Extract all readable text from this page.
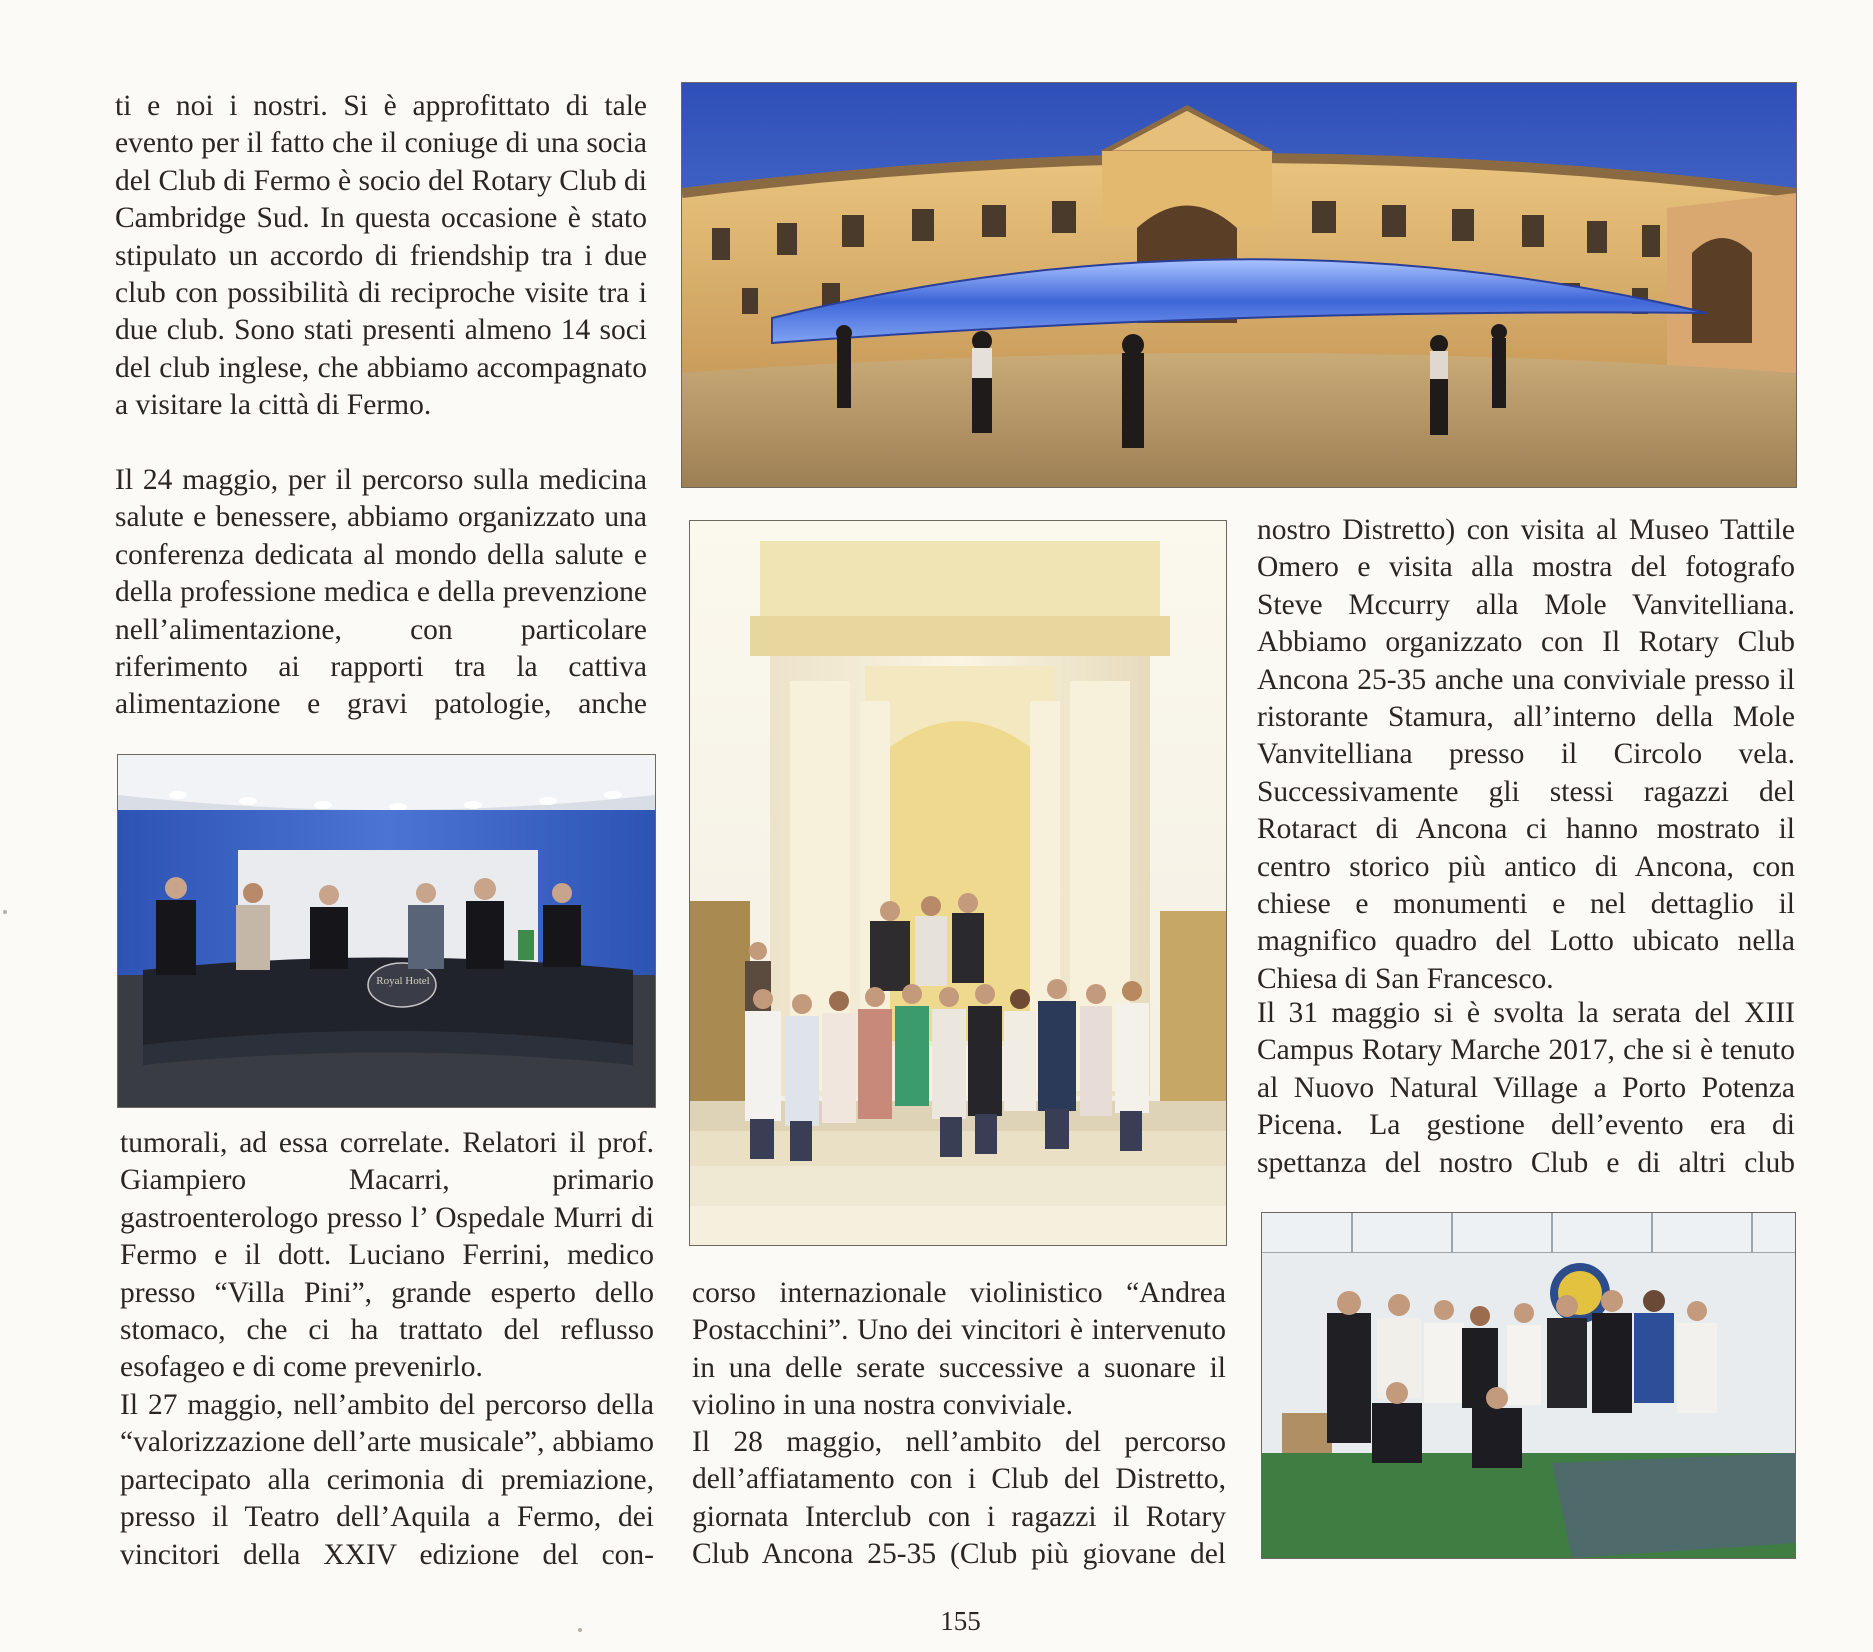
ti e noi i nostri. Si è approfittato di tale evento per il fatto che il coniuge di una socia del Club di Fermo è socio del Rotary Club di Cambridge Sud. In questa occasione è stato stipulato un accordo di friendship tra i due club con possibilità di reciproche visite tra i due club. Sono stati presenti almeno 14 soci del club inglese, che abbiamo accompagnato a visitare la città di Fermo.

Il 24 maggio, per il percorso sulla medicina salute e benessere, abbiamo organizzato una conferenza dedicata al mondo della salute e della professione medica e della prevenzione nell’alimentazione, con particolare riferimento ai rapporti tra la cattiva alimentazione e gravi patologie, anche

tumorali, ad essa correlate. Relatori il prof. Giampiero Macarri, primario gastroenterologo presso l’ Ospedale Murri di Fermo e il dott. Luciano Ferrini, medico presso “Villa Pini”, grande esperto dello stomaco, che ci ha trattato del reflusso esofageo e di come prevenirlo.

Il 27 maggio, nell’ambito del percorso della “valorizzazione dell’arte musicale”, abbiamo partecipato alla cerimonia di premiazione, presso il Teatro dell’Aquila a Fermo, dei vincitori della XXIV edizione del con-

corso internazionale violinistico “Andrea Postacchini”. Uno dei vincitori è intervenuto in una delle serate successive a suonare il violino in una nostra conviviale.

Il 28 maggio, nell’ambito del percorso dell’affiatamento con i Club del Distretto, giornata Interclub con i ragazzi il Rotary Club Ancona 25-35 (Club più giovane del

nostro Distretto) con visita al Museo Tattile Omero e visita alla mostra del fotografo Steve Mccurry alla Mole Vanvitelliana. Abbiamo organizzato con Il Rotary Club Ancona 25-35 anche una conviviale presso il ristorante Stamura, all’interno della Mole Vanvitelliana presso il Circolo vela. Successivamente gli stessi ragazzi del Rotaract di Ancona ci hanno mostrato il centro storico più antico di Ancona, con chiese e monumenti e nel dettaglio il magnifico quadro del Lotto ubicato nella Chiesa di San Francesco.

Il 31 maggio si è svolta la serata del XIII Campus Rotary Marche 2017, che si è tenuto al Nuovo Natural Village a Porto Potenza Picena. La gestione dell’evento era di spettanza del nostro Club e di altri club

Royal Hotel
155
